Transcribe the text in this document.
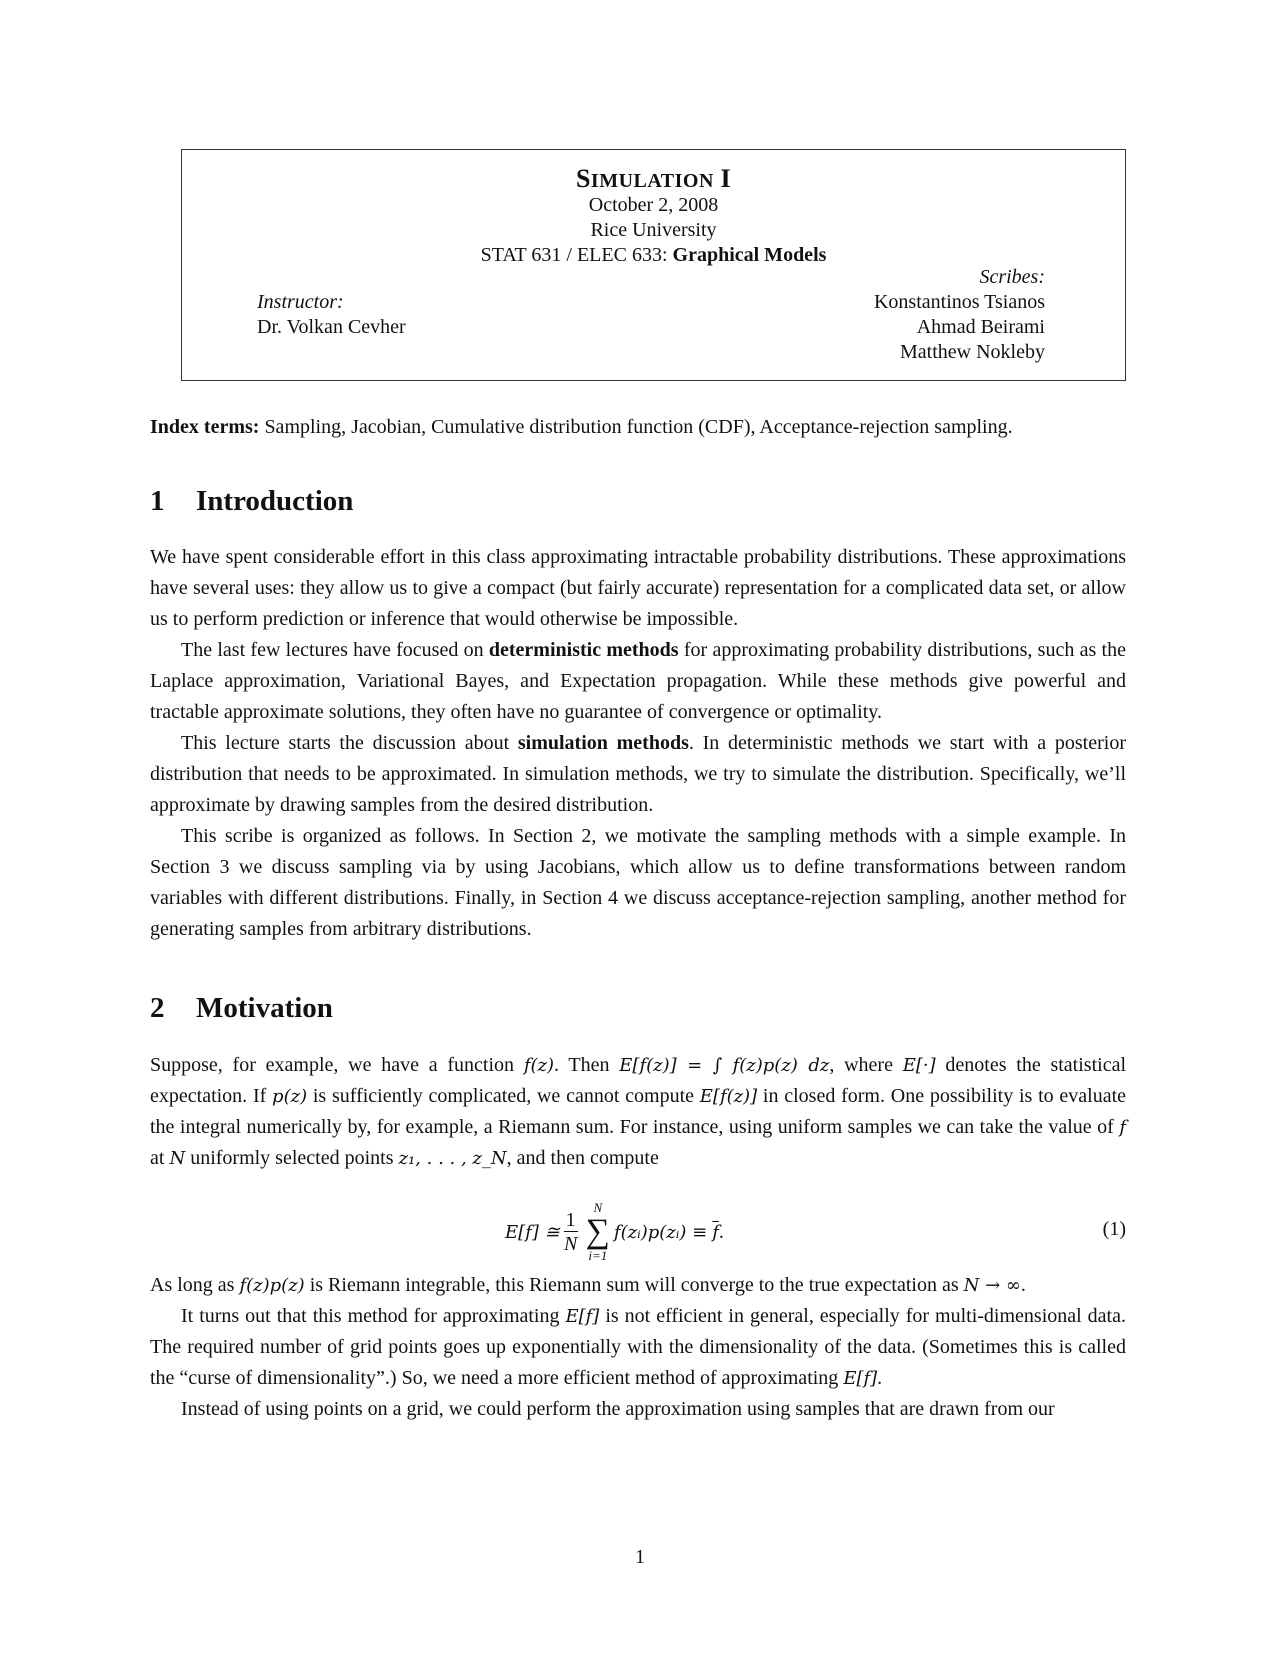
SIMULATION I
October 2, 2008
Rice University
STAT 631 / ELEC 633: Graphical Models
Instructor:
Dr. Volkan Cevher
Scribes:
Konstantinos Tsianos
Ahmad Beirami
Matthew Nokleby
Index terms: Sampling, Jacobian, Cumulative distribution function (CDF), Acceptance-rejection sampling.
1 Introduction

We have spent considerable effort in this class approximating intractable probability distributions. These approximations have several uses: they allow us to give a compact (but fairly accurate) representation for a complicated data set, or allow us to perform prediction or inference that would otherwise be impossible.

The last few lectures have focused on deterministic methods for approximating probability distributions, such as the Laplace approximation, Variational Bayes, and Expectation propagation. While these methods give powerful and tractable approximate solutions, they often have no guarantee of convergence or optimality.

This lecture starts the discussion about simulation methods. In deterministic methods we start with a posterior distribution that needs to be approximated. In simulation methods, we try to simulate the distribution. Specifically, we’ll approximate by drawing samples from the desired distribution.

This scribe is organized as follows. In Section 2, we motivate the sampling methods with a simple example. In Section 3 we discuss sampling via by using Jacobians, which allow us to define transformations between random variables with different distributions. Finally, in Section 4 we discuss acceptance-rejection sampling, another method for generating samples from arbitrary distributions.

2 Motivation

Suppose, for example, we have a function f(z). Then E[f(z)] = ∫ f(z)p(z) dz, where E[·] denotes the statistical expectation. If p(z) is sufficiently complicated, we cannot compute E[f(z)] in closed form. One possibility is to evaluate the integral numerically by, for example, a Riemann sum. For instance, using uniform samples we can take the value of f at N uniformly selected points z₁, . . . , z_N, and then compute

E[f] ≅ $\frac{1}{N}$
N
∑
i=1
f(zᵢ)p(zᵢ) ≡
$\overline{f}$ .	(1)

As long as f(z)p(z) is Riemann integrable, this Riemann sum will converge to the true expectation as N → ∞.

It turns out that this method for approximating E[f] is not efficient in general, especially for multi-dimensional data. The required number of grid points goes up exponentially with the dimensionality of the data. (Sometimes this is called the “curse of dimensionality”.) So, we need a more efficient method of approximating E[f].

Instead of using points on a grid, we could perform the approximation using samples that are drawn from our

1
